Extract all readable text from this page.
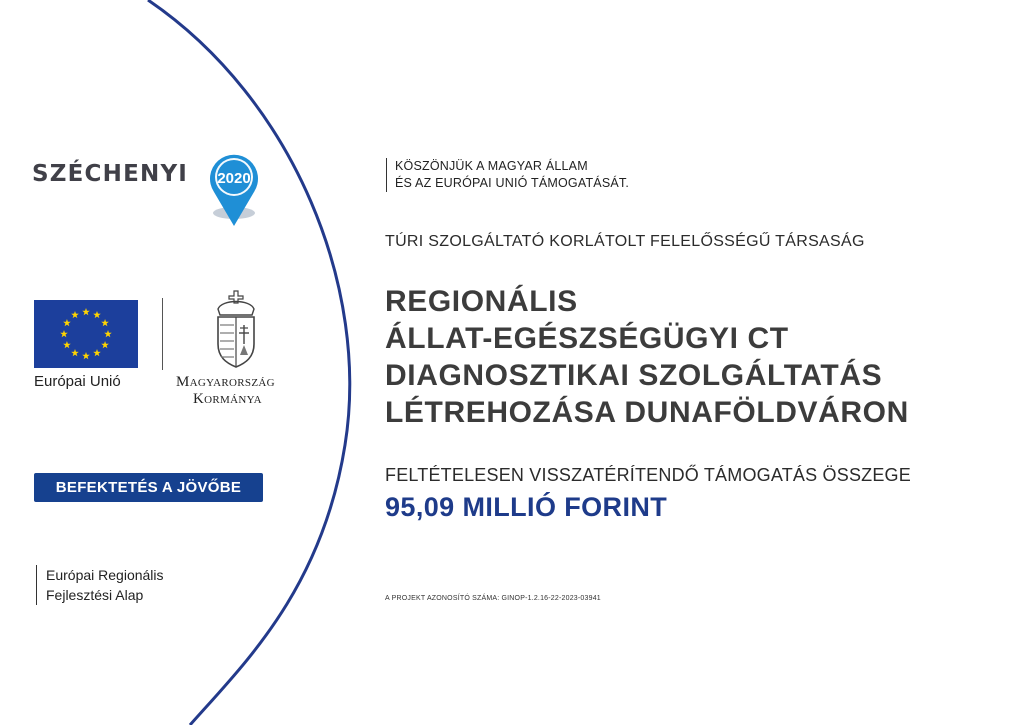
SZÉCHENYI 2020
Európai Unió	Magyarország
Kormánya
BEFEKTETÉS A JÖVŐBE
Európai Regionális
Fejlesztési Alap
KÖSZÖNJÜK A MAGYAR ÁLLAM
ÉS AZ EURÓPAI UNIÓ TÁMOGATÁSÁT.
TÚRI SZOLGÁLTATÓ KORLÁTOLT FELELŐSSÉGŰ TÁRSASÁG
REGIONÁLIS
ÁLLAT-EGÉSZSÉGÜGYI CT
DIAGNOSZTIKAI SZOLGÁLTATÁS
LÉTREHOZÁSA DUNAFÖLDVÁRON
FELTÉTELESEN VISSZATÉRÍTENDŐ TÁMOGATÁS ÖSSZEGE
95,09 MILLIÓ FORINT
A PROJEKT AZONOSÍTÓ SZÁMA: GINOP-1.2.16-22-2023-03941
